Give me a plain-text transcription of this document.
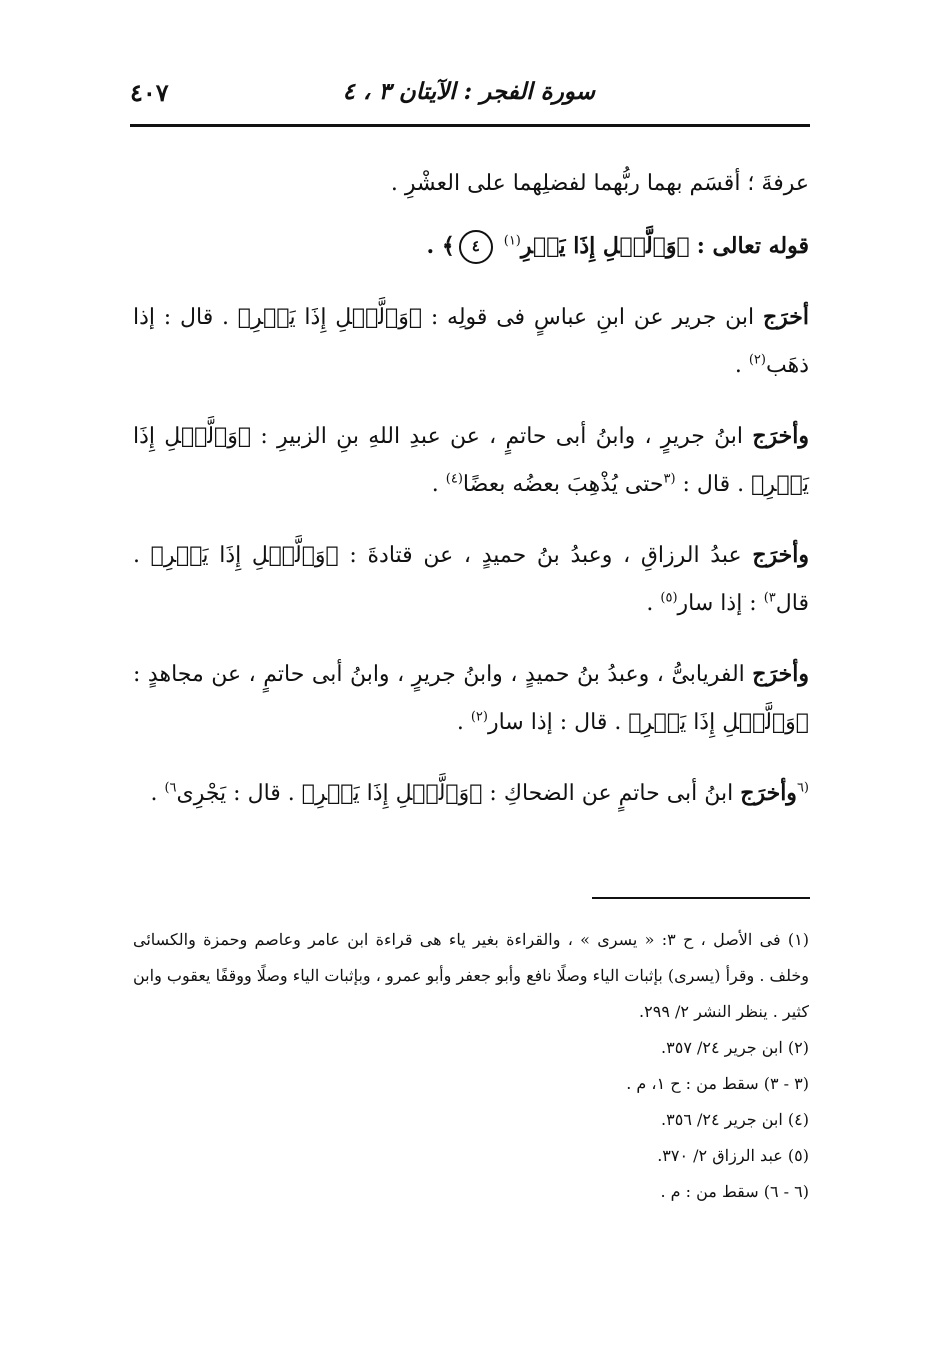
سورة الفجر : الآيتان ٣ ، ٤
٤٠٧

عرفةَ ؛ أقسَم بهما ربُّهما لفضلِهما على العشْرِ .

قوله تعالى : ﴿وَٱلَّيۡلِ إِذَا يَسۡرِ$^{(١)}$ ٤﴾ .

أخرَج ابن جرير عن ابنِ عباسٍ فى قولِه : ﴿وَٱلَّيۡلِ إِذَا يَسۡرِ﴾ . قال : إذا ذهَب$^{(٢)}$ .

وأخرَج ابنُ جريرٍ ، وابنُ أبى حاتمٍ ، عن عبدِ اللهِ بنِ الزبيرِ : ﴿وَٱلَّيۡلِ إِذَا يَسۡرِ﴾ . قال : $^{(٣}$حتى يُذْهِبَ بعضُه بعضًا$^{(٤)}$ .

وأخرَج عبدُ الرزاقِ ، وعبدُ بنُ حميدٍ ، عن قتادةَ : ﴿وَٱلَّيۡلِ إِذَا يَسۡرِ﴾ . قال$^{٣)}$ : إذا سار$^{(٥)}$ .

وأخرَج الفريابىُّ ، وعبدُ بنُ حميدٍ ، وابنُ جريرٍ ، وابنُ أبى حاتمٍ ، عن مجاهدٍ : ﴿وَٱلَّيۡلِ إِذَا يَسۡرِ﴾ . قال : إذا سار$^{(٢)}$ .

$^{(٦}$وأخرَج ابنُ أبى حاتمٍ عن الضحاكِ : ﴿وَٱلَّيۡلِ إِذَا يَسۡرِ﴾ . قال : يَجْرِى$^{٦)}$ .

(١) فى الأصل ، ح ٣: « يسرى » ، والقراءة بغير ياء هى قراءة ابن عامر وعاصم وحمزة والكسائى وخلف . وقرأ (يسرى) بإثبات الياء وصلًا نافع وأبو جعفر وأبو عمرو ، وبإثبات الياء وصلًا ووقفًا يعقوب وابن كثير . ينظر النشر ٢/ ٢٩٩.

(٢) ابن جرير ٢٤/ ٣٥٧.

(٣ - ٣) سقط من : ح ١، م .

(٤) ابن جرير ٢٤/ ٣٥٦.

(٥) عبد الرزاق ٢/ ٣٧٠.

(٦ - ٦) سقط من : م .
